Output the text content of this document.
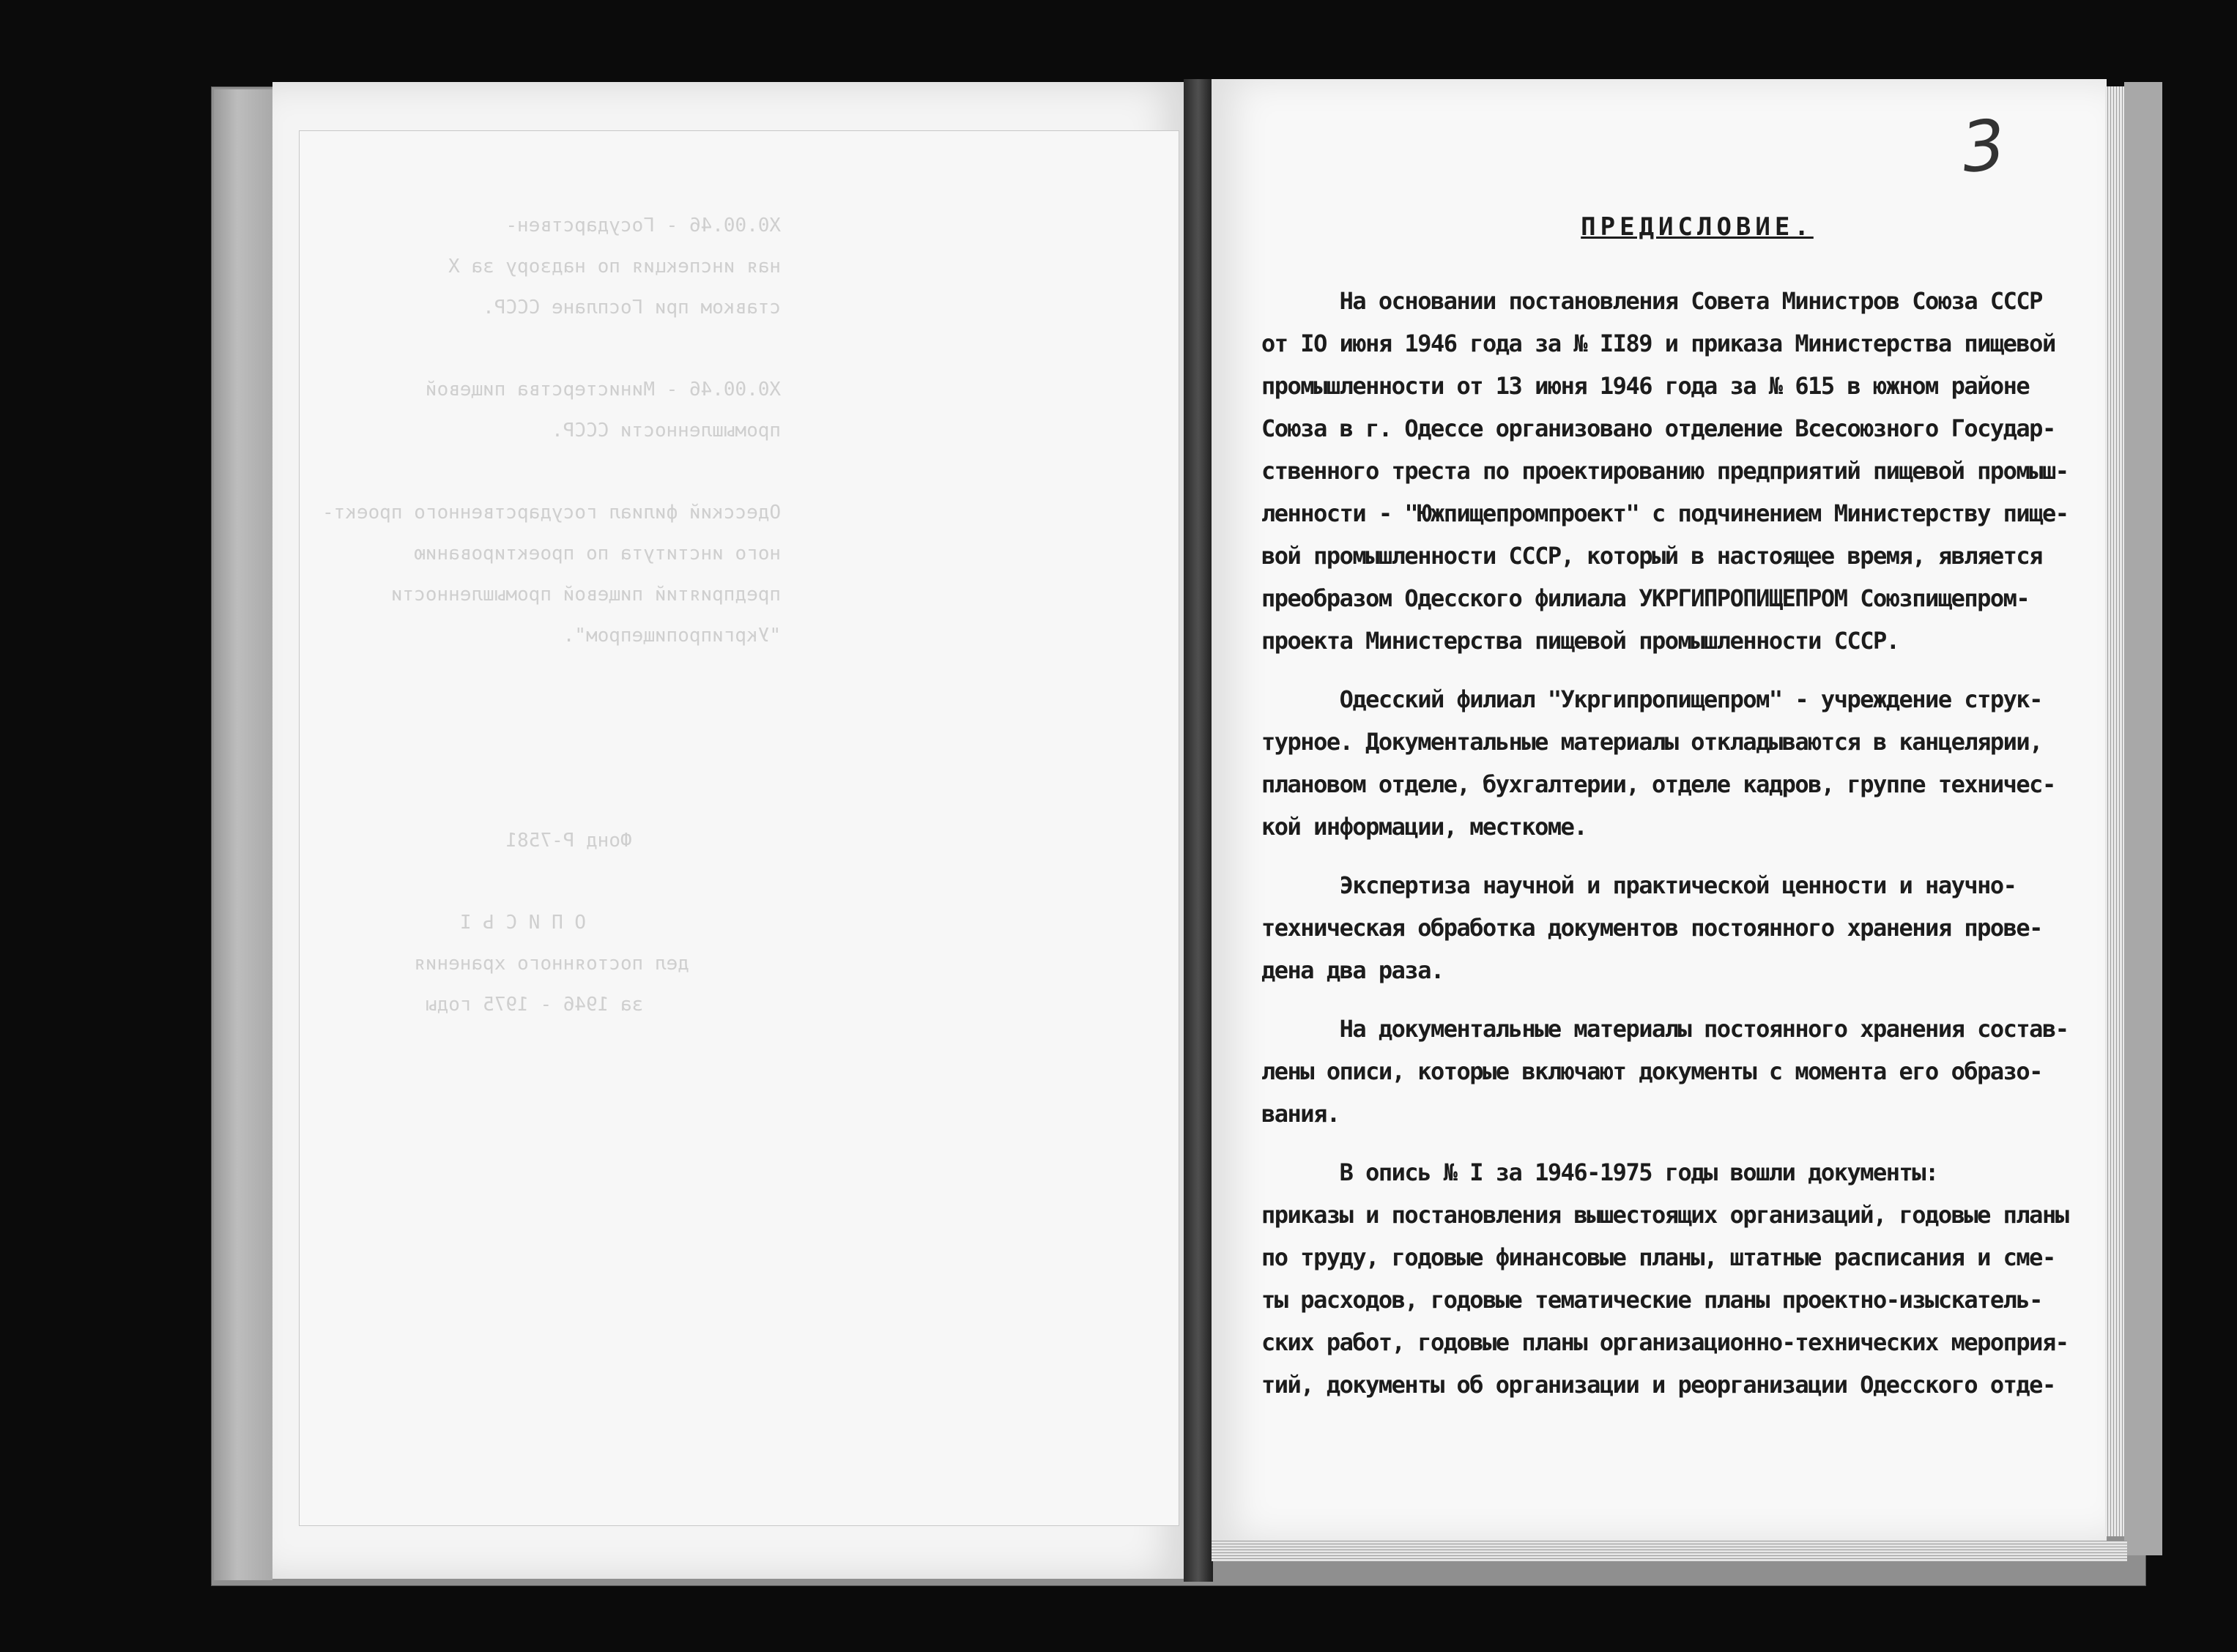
Х0.00.46 - Государствен-
ная инспекция по надзору за Х
ставком при Госплане СССР.

Х0.00.46 - Министерства пищевой
промышленности СССР.

Одесский филиал государственного проект-
ного института по проектированию
предприятий пищевой промышленности
"Укргипропищепром".

Фонд Р-7581

О П И С Ь I
дел постоянного хранения
за 1946 - 1975 годы
3
ПРЕДИСЛОВИЕ.
На основании постановления Совета Министров Союза СССР
от IO июня 1946 года за № II89 и приказа Министерства пищевой
промышленности от 13 июня 1946 года за № 615 в южном районе
Союза в г. Одессе организовано отделение Всесоюзного Государ-
ственного треста по проектированию предприятий пищевой промыш-
ленности - "Южпищепромпроект" с подчинением Министерству пище-
вой промышленности СССР, который в настоящее время, является
преобразом Одесского филиала УКРГИПРОПИЩЕПРОМ Союзпищепром-
проекта Министерства пищевой промышленности СССР.
Одесский филиал "Укргипропищепром" - учреждение струк-
турное. Документальные материалы откладываются в канцелярии,
плановом отделе, бухгалтерии, отделе кадров, группе техничес-
кой информации, месткоме.
Экспертиза научной и практической ценности и научно-
техническая обработка документов постоянного хранения прове-
дена два раза.
На документальные материалы постоянного хранения состав-
лены описи, которые включают документы с момента его образо-
вания.
В опись № I за 1946-1975 годы вошли документы:
приказы и постановления вышестоящих организаций, годовые планы
по труду, годовые финансовые планы, штатные расписания и сме-
ты расходов, годовые тематические планы проектно-изыскатель-
ских работ, годовые планы организационно-технических мероприя-
тий, документы об организации и реорганизации Одесского отде-
